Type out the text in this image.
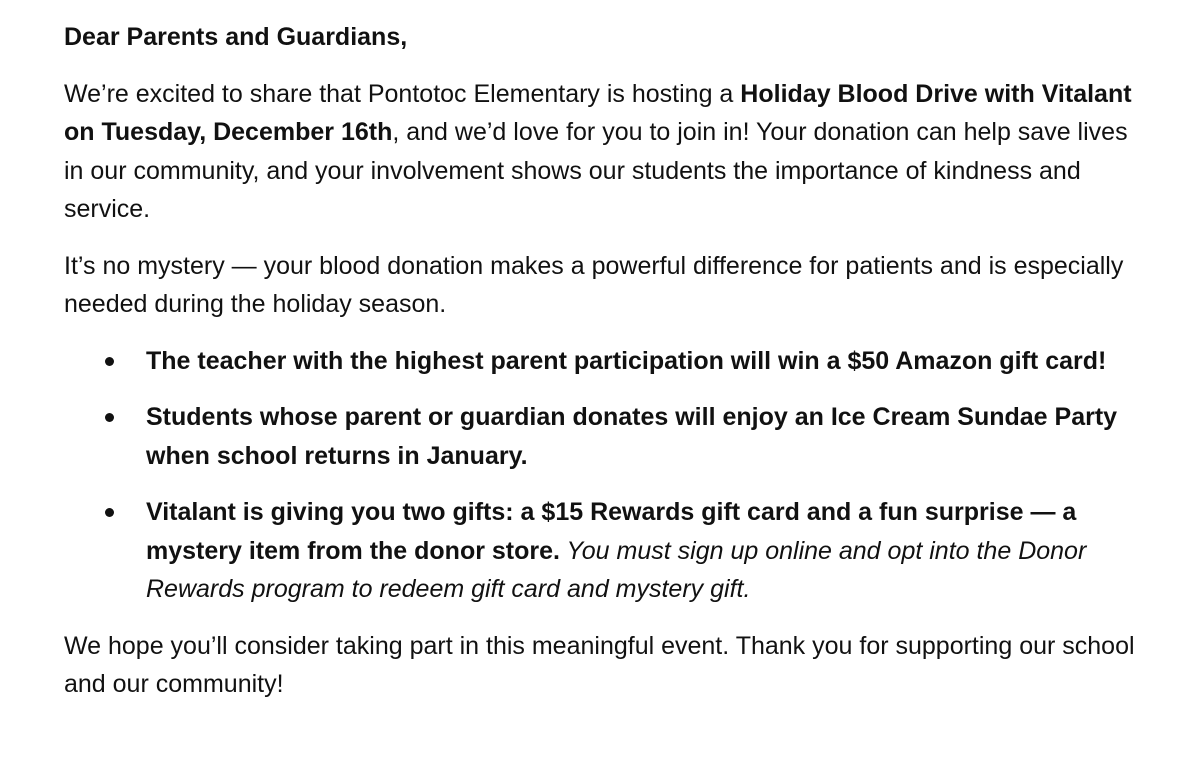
Dear Parents and Guardians,

We’re excited to share that Pontotoc Elementary is hosting a Holiday Blood Drive with Vitalant on Tuesday, December 16th, and we’d love for you to join in! Your donation can help save lives in our community, and your involvement shows our students the importance of kindness and service.

It’s no mystery — your blood donation makes a powerful difference for patients and is especially needed during the holiday season.

The teacher with the highest parent participation will win a $50 Amazon gift card!
Students whose parent or guardian donates will enjoy an Ice Cream Sundae Party when school returns in January.
Vitalant is giving you two gifts: a $15 Rewards gift card and a fun surprise — a mystery item from the donor store. You must sign up online and opt into the Donor Rewards program to redeem gift card and mystery gift.

We hope you’ll consider taking part in this meaningful event. Thank you for supporting our school and our community!
